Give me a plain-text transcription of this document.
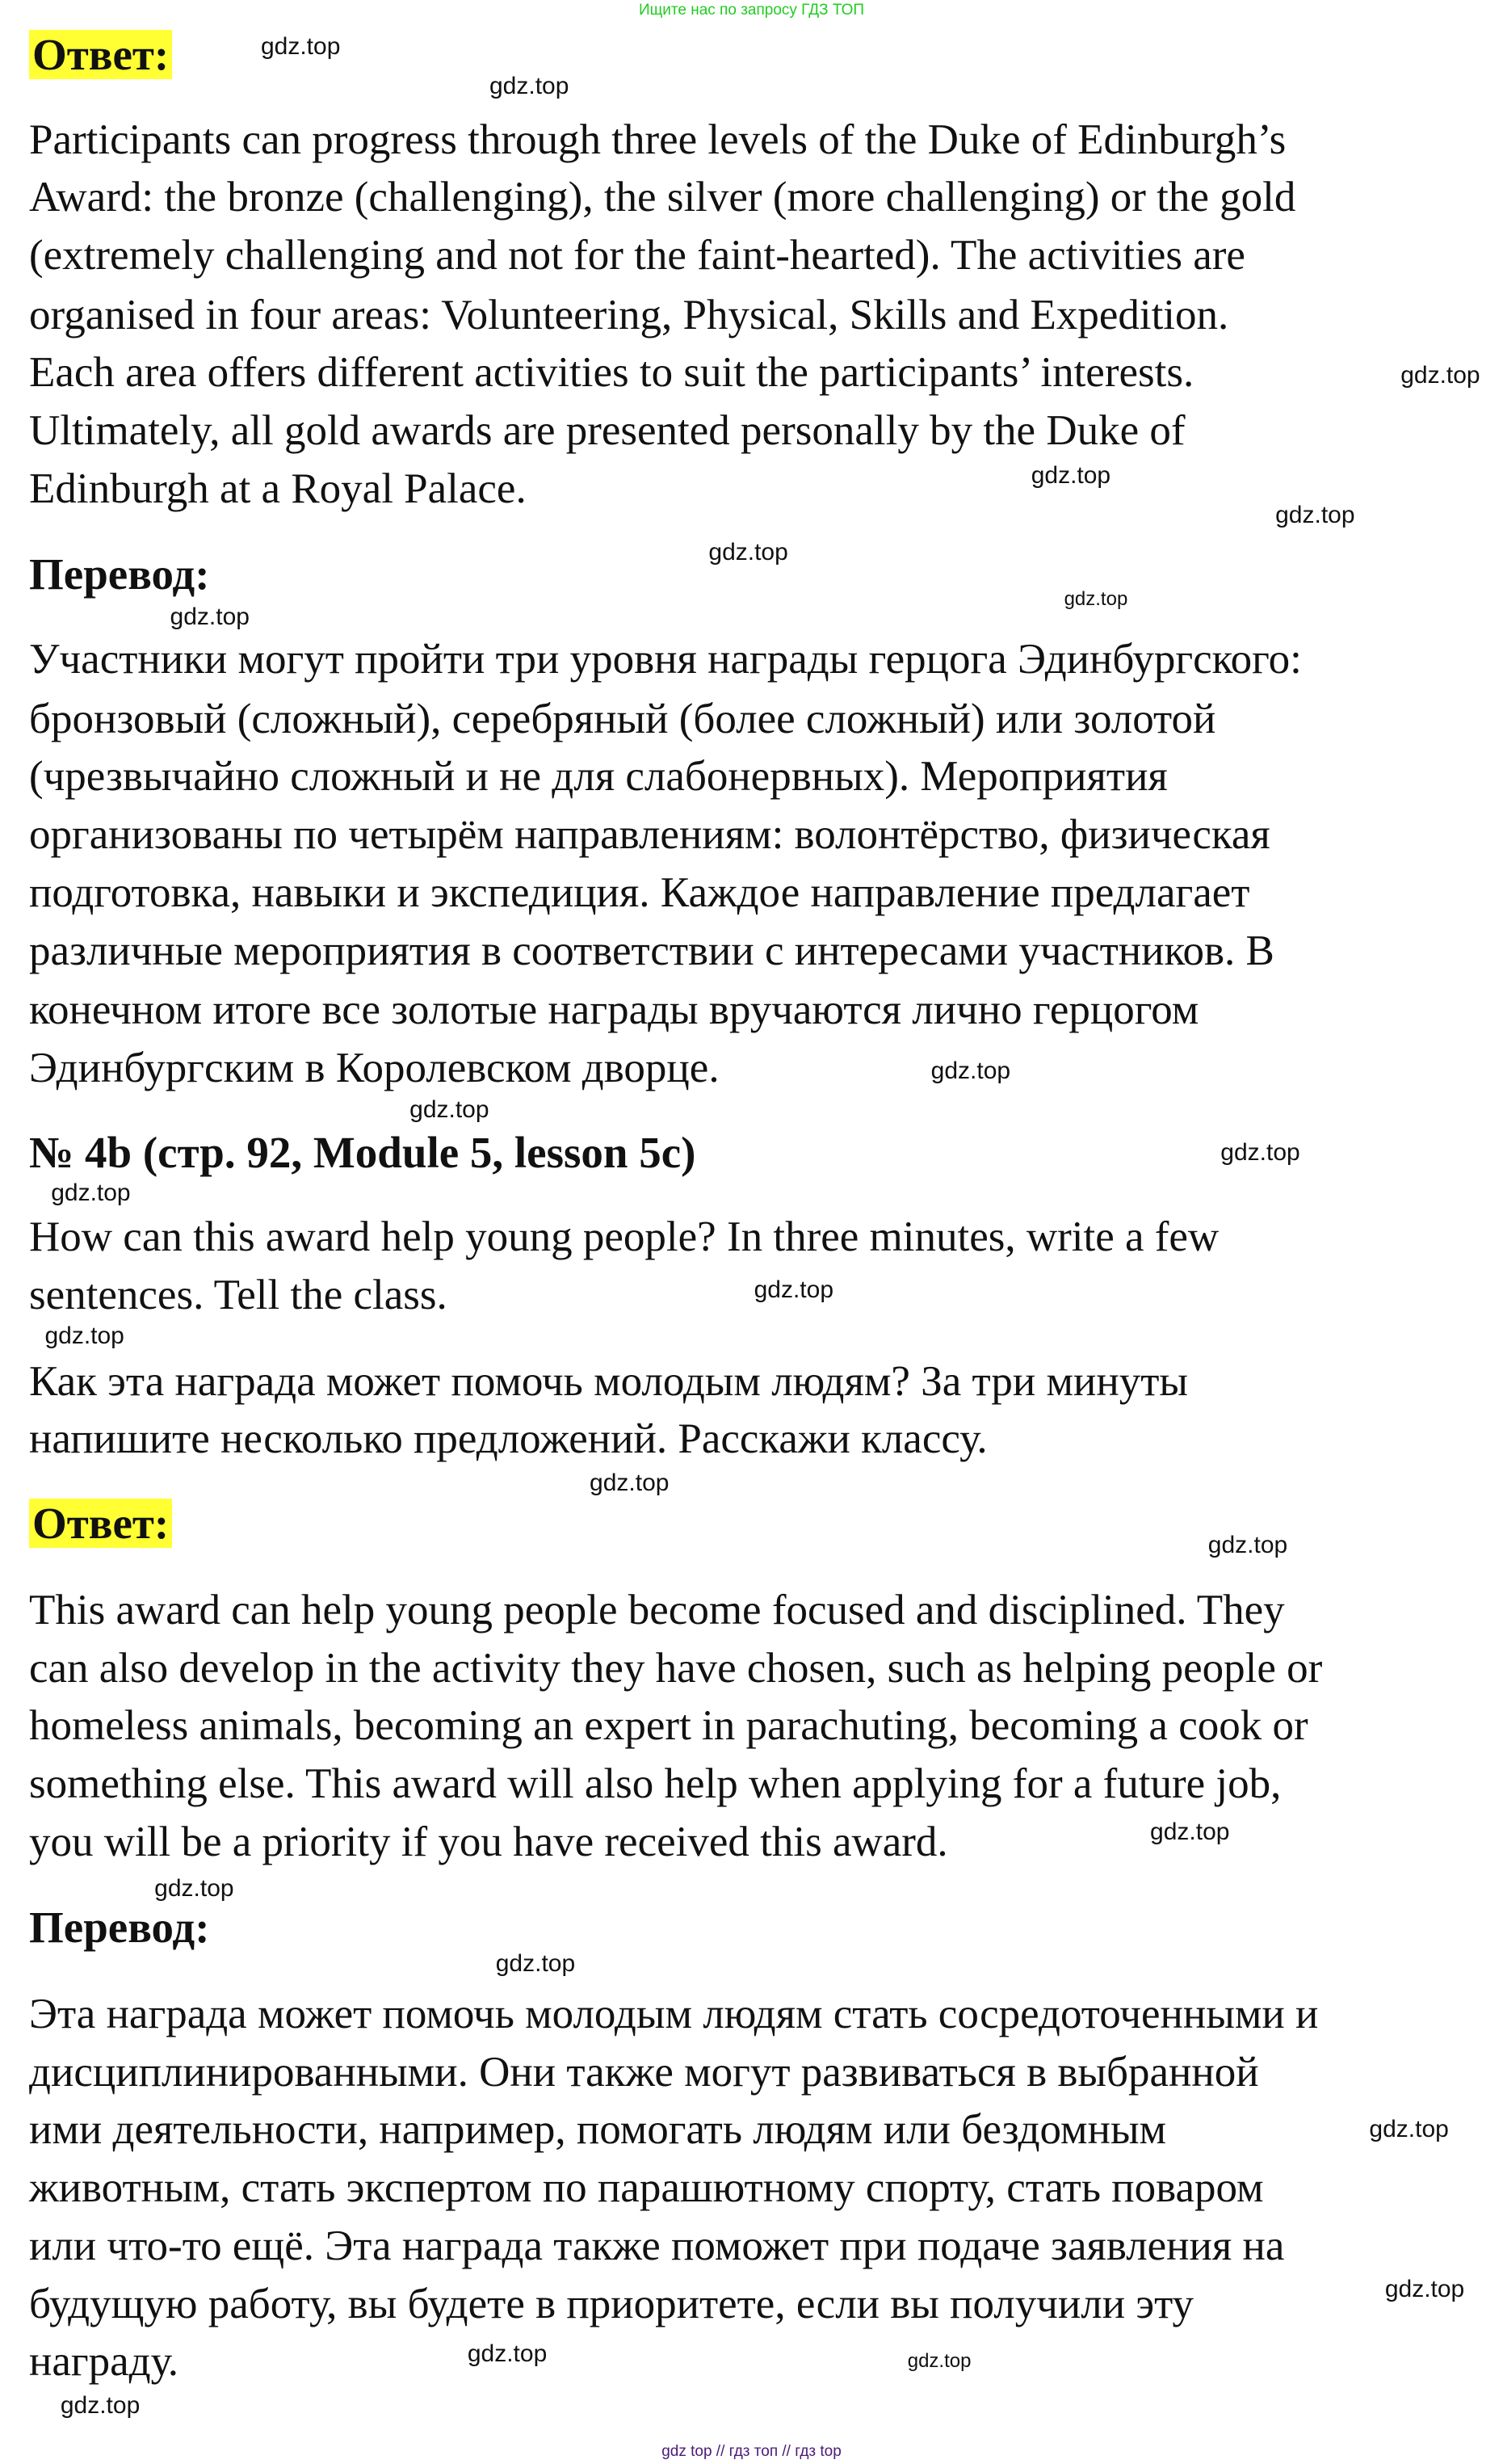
Ищите нас по запросу ГДЗ ТОП
Ответ:
Participants can progress through three levels of the Duke of Edinburgh’s
Award: the bronze (challenging), the silver (more challenging) or the gold
(extremely challenging and not for the faint-hearted). The activities are
organised in four areas: Volunteering, Physical, Skills and Expedition.
Each area offers different activities to suit the participants’ interests.
Ultimately, all gold awards are presented personally by the Duke of
Edinburgh at a Royal Palace.
Перевод:
Участники могут пройти три уровня награды герцога Эдинбургского:
бронзовый (сложный), серебряный (более сложный) или золотой
(чрезвычайно сложный и не для слабонервных). Мероприятия
организованы по четырём направлениям: волонтёрство, физическая
подготовка, навыки и экспедиция. Каждое направление предлагает
различные мероприятия в соответствии с интересами участников. В
конечном итоге все золотые награды вручаются лично герцогом
Эдинбургским в Королевском дворце.
№ 4b (стр. 92, Module 5, lesson 5c)
How can this award help young people? In three minutes, write a few
sentences. Tell the class.
Как эта награда может помочь молодым людям? За три минуты
напишите несколько предложений. Расскажи классу.
Ответ:
This award can help young people become focused and disciplined. They
can also develop in the activity they have chosen, such as helping people or
homeless animals, becoming an expert in parachuting, becoming a cook or
something else. This award will also help when applying for a future job,
you will be a priority if you have received this award.
Перевод:
Эта награда может помочь молодым людям стать сосредоточенными и
дисциплинированными. Они также могут развиваться в выбранной
ими деятельности, например, помогать людям или бездомным
животным, стать экспертом по парашютному спорту, стать поваром
или что-то ещё. Эта награда также поможет при подаче заявления на
будущую работу, вы будете в приоритете, если вы получили эту
награду.
gdz.top
gdz.top
gdz.top
gdz.top
gdz.top
gdz.top
gdz.top
gdz.top
gdz.top
gdz.top
gdz.top
gdz.top
gdz.top
gdz.top
gdz.top
gdz.top
gdz.top
gdz.top
gdz.top
gdz.top
gdz.top
gdz.top
gdz.top
gdz.top
gdz top // гдз топ // гдз top
